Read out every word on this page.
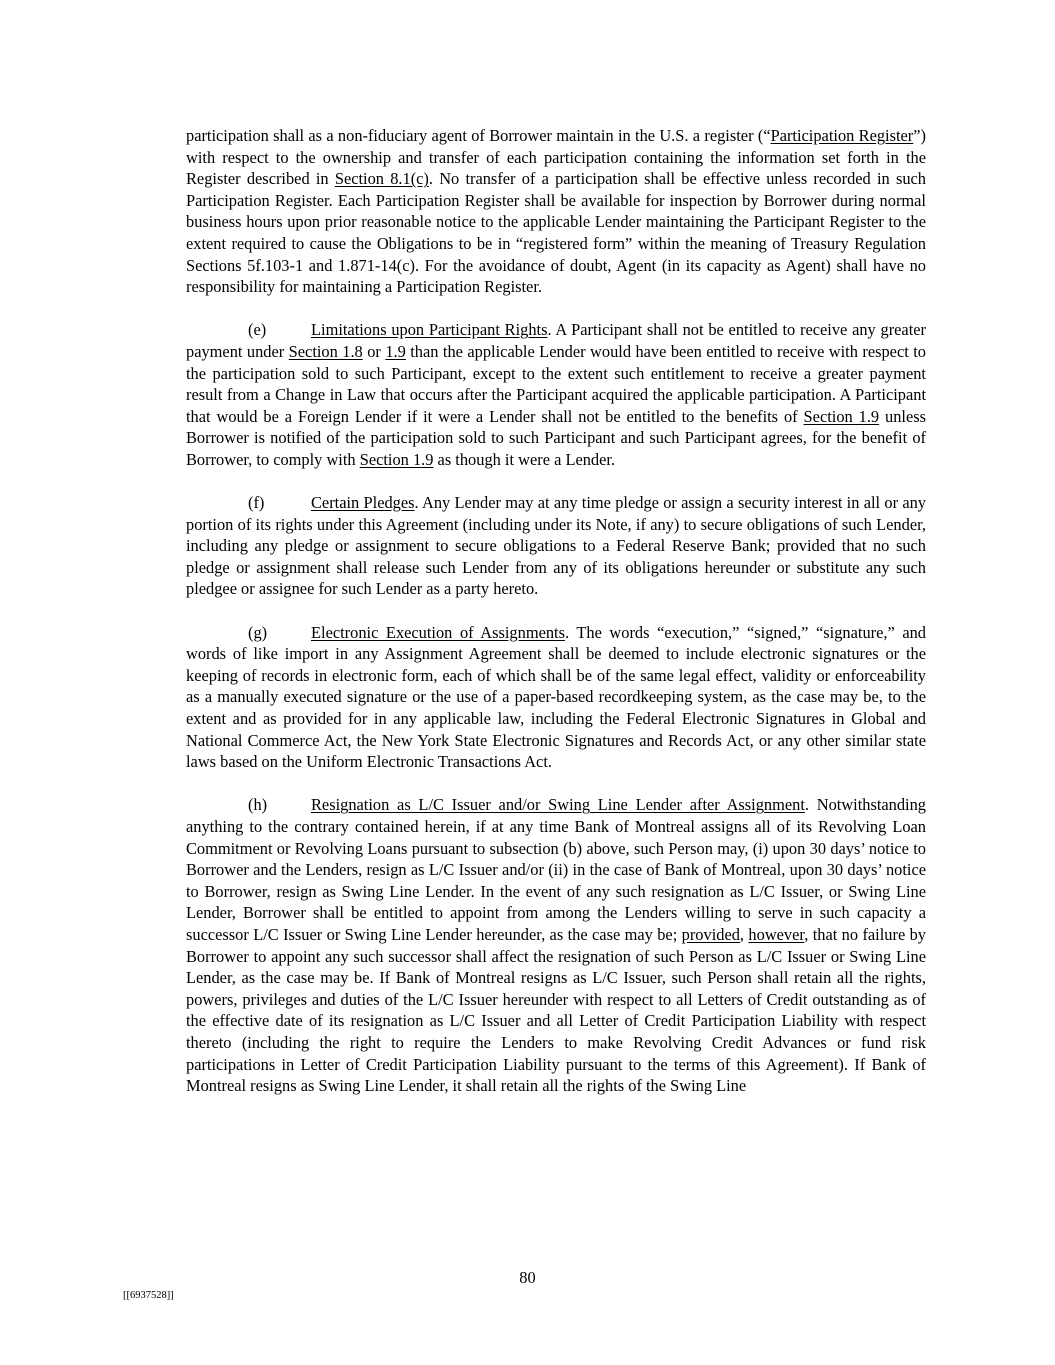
participation shall as a non-fiduciary agent of Borrower maintain in the U.S. a register (“Participation Register”) with respect to the ownership and transfer of each participation containing the information set forth in the Register described in Section 8.1(c). No transfer of a participation shall be effective unless recorded in such Participation Register. Each Participation Register shall be available for inspection by Borrower during normal business hours upon prior reasonable notice to the applicable Lender maintaining the Participant Register to the extent required to cause the Obligations to be in “registered form” within the meaning of Treasury Regulation Sections 5f.103-1 and 1.871-14(c). For the avoidance of doubt, Agent (in its capacity as Agent) shall have no responsibility for maintaining a Participation Register.

(e)	Limitations upon Participant Rights. A Participant shall not be entitled to receive any greater payment under Section 1.8 or 1.9 than the applicable Lender would have been entitled to receive with respect to the participation sold to such Participant, except to the extent such entitlement to receive a greater payment result from a Change in Law that occurs after the Participant acquired the applicable participation. A Participant that would be a Foreign Lender if it were a Lender shall not be entitled to the benefits of Section 1.9 unless Borrower is notified of the participation sold to such Participant and such Participant agrees, for the benefit of Borrower, to comply with Section 1.9 as though it were a Lender.

(f)	Certain Pledges. Any Lender may at any time pledge or assign a security interest in all or any portion of its rights under this Agreement (including under its Note, if any) to secure obligations of such Lender, including any pledge or assignment to secure obligations to a Federal Reserve Bank; provided that no such pledge or assignment shall release such Lender from any of its obligations hereunder or substitute any such pledgee or assignee for such Lender as a party hereto.

(g)	Electronic Execution of Assignments. The words “execution,” “signed,” “signature,” and words of like import in any Assignment Agreement shall be deemed to include electronic signatures or the keeping of records in electronic form, each of which shall be of the same legal effect, validity or enforceability as a manually executed signature or the use of a paper-based recordkeeping system, as the case may be, to the extent and as provided for in any applicable law, including the Federal Electronic Signatures in Global and National Commerce Act, the New York State Electronic Signatures and Records Act, or any other similar state laws based on the Uniform Electronic Transactions Act.

(h)	Resignation as L/C Issuer and/or Swing Line Lender after Assignment. Notwithstanding anything to the contrary contained herein, if at any time Bank of Montreal assigns all of its Revolving Loan Commitment or Revolving Loans pursuant to subsection (b) above, such Person may, (i) upon 30 days’ notice to Borrower and the Lenders, resign as L/C Issuer and/or (ii) in the case of Bank of Montreal, upon 30 days’ notice to Borrower, resign as Swing Line Lender. In the event of any such resignation as L/C Issuer, or Swing Line Lender, Borrower shall be entitled to appoint from among the Lenders willing to serve in such capacity a successor L/C Issuer or Swing Line Lender hereunder, as the case may be; provided, however, that no failure by Borrower to appoint any such successor shall affect the resignation of such Person as L/C Issuer or Swing Line Lender, as the case may be. If Bank of Montreal resigns as L/C Issuer, such Person shall retain all the rights, powers, privileges and duties of the L/C Issuer hereunder with respect to all Letters of Credit outstanding as of the effective date of its resignation as L/C Issuer and all Letter of Credit Participation Liability with respect thereto (including the right to require the Lenders to make Revolving Credit Advances or fund risk participations in Letter of Credit Participation Liability pursuant to the terms of this Agreement). If Bank of Montreal resigns as Swing Line Lender, it shall retain all the rights of the Swing Line

80
[[6937528]]
